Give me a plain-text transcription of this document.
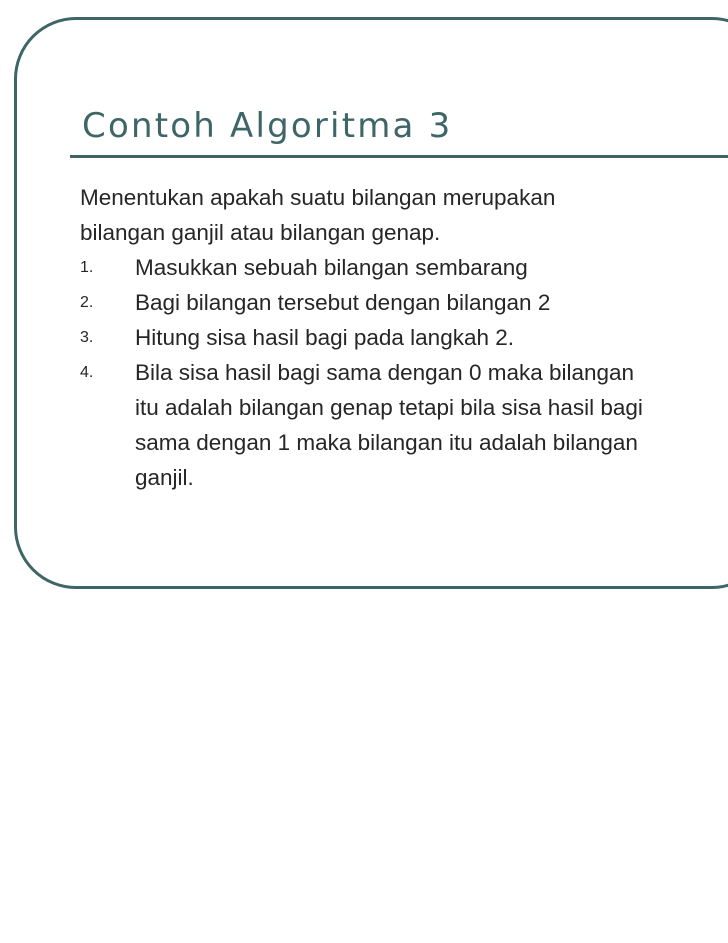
Contoh Algoritma 3
Menentukan apakah suatu bilangan merupakan
bilangan ganjil atau bilangan genap.
1. Masukkan sebuah bilangan sembarang
2. Bagi bilangan tersebut dengan bilangan 2
3. Hitung sisa hasil bagi pada langkah 2.
4. Bila sisa hasil bagi sama dengan 0 maka bilangan
itu adalah bilangan genap tetapi bila sisa hasil bagi
sama dengan 1 maka bilangan itu adalah bilangan
ganjil.
